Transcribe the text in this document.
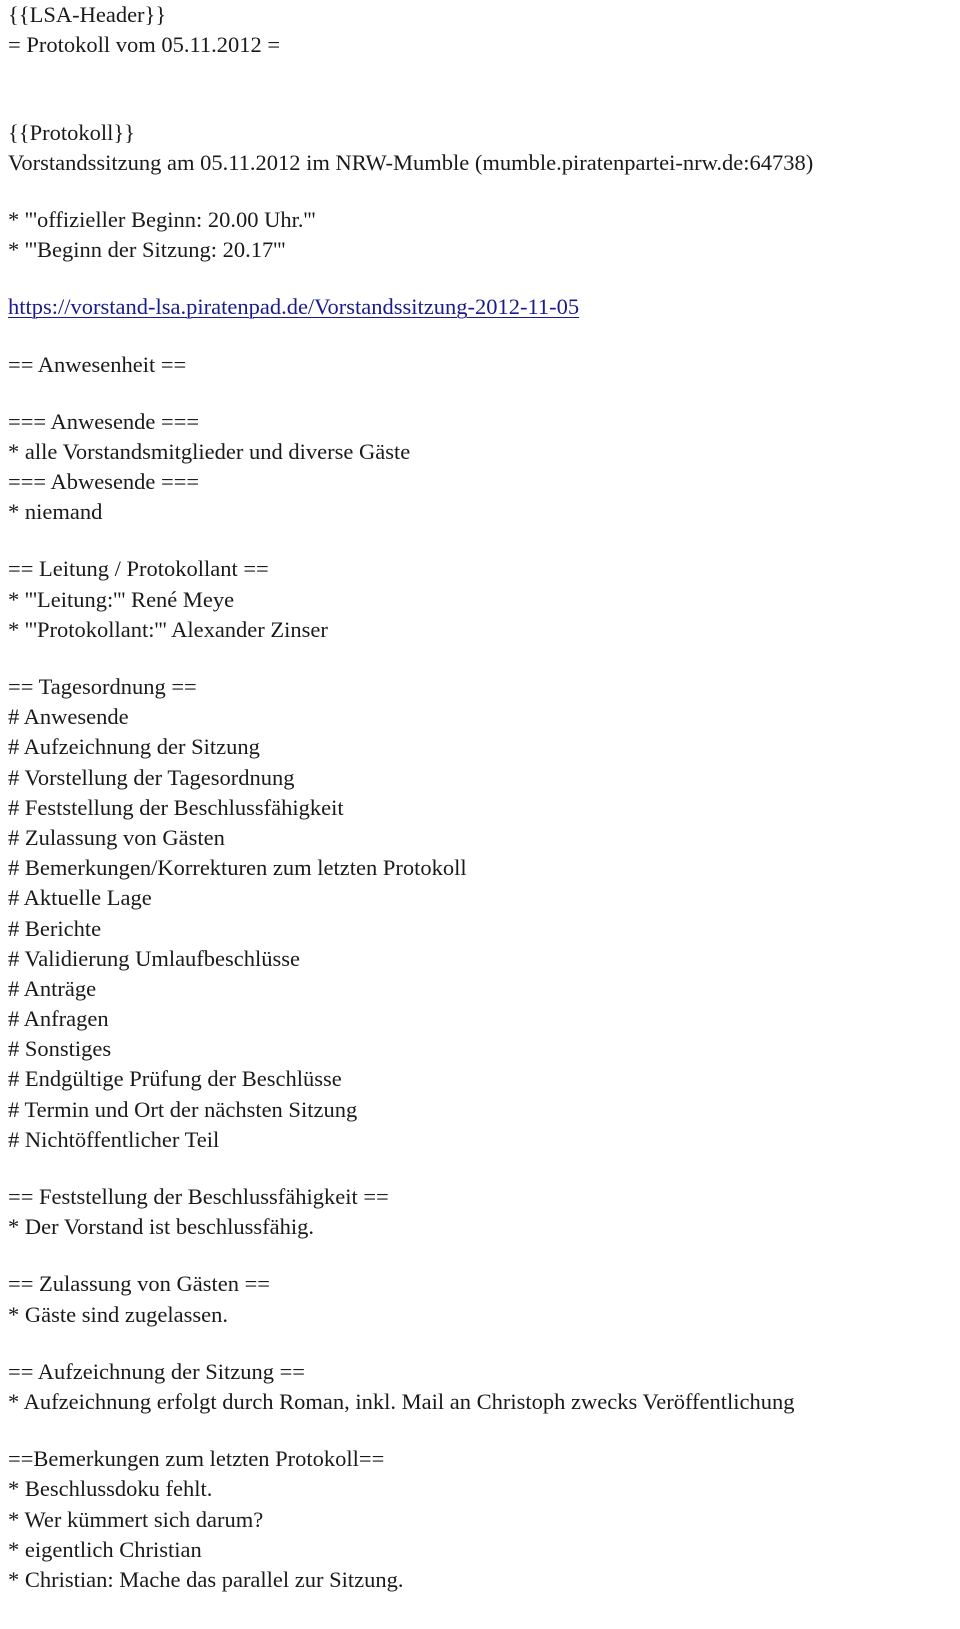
{{LSA-Header}}
= Protokoll vom 05.11.2012 =
{{Protokoll}}
Vorstandssitzung am 05.11.2012 im NRW-Mumble (mumble.piratenpartei-nrw.de:64738)
* '''offizieller Beginn: 20.00 Uhr.'''
* '''Beginn der Sitzung: 20.17'''
https://vorstand-lsa.piratenpad.de/Vorstandssitzung-2012-11-05
== Anwesenheit ==
=== Anwesende ===
* alle Vorstandsmitglieder und diverse Gäste
=== Abwesende ===
* niemand
== Leitung / Protokollant ==
* '''Leitung:''' René Meye
* '''Protokollant:''' Alexander Zinser
== Tagesordnung ==
# Anwesende
# Aufzeichnung der Sitzung
# Vorstellung der Tagesordnung
# Feststellung der Beschlussfähigkeit
# Zulassung von Gästen
# Bemerkungen/Korrekturen zum letzten Protokoll
# Aktuelle Lage
# Berichte
# Validierung Umlaufbeschlüsse
# Anträge
# Anfragen
# Sonstiges
# Endgültige Prüfung der Beschlüsse
# Termin und Ort der nächsten Sitzung
# Nichtöffentlicher Teil
== Feststellung der Beschlussfähigkeit ==
* Der Vorstand ist beschlussfähig.
== Zulassung von Gästen ==
* Gäste sind zugelassen.
== Aufzeichnung der Sitzung ==
* Aufzeichnung erfolgt durch Roman, inkl. Mail an Christoph zwecks Veröffentlichung
==Bemerkungen zum letzten Protokoll==
* Beschlussdoku fehlt.
* Wer kümmert sich darum?
* eigentlich Christian
* Christian: Mache das parallel zur Sitzung.
